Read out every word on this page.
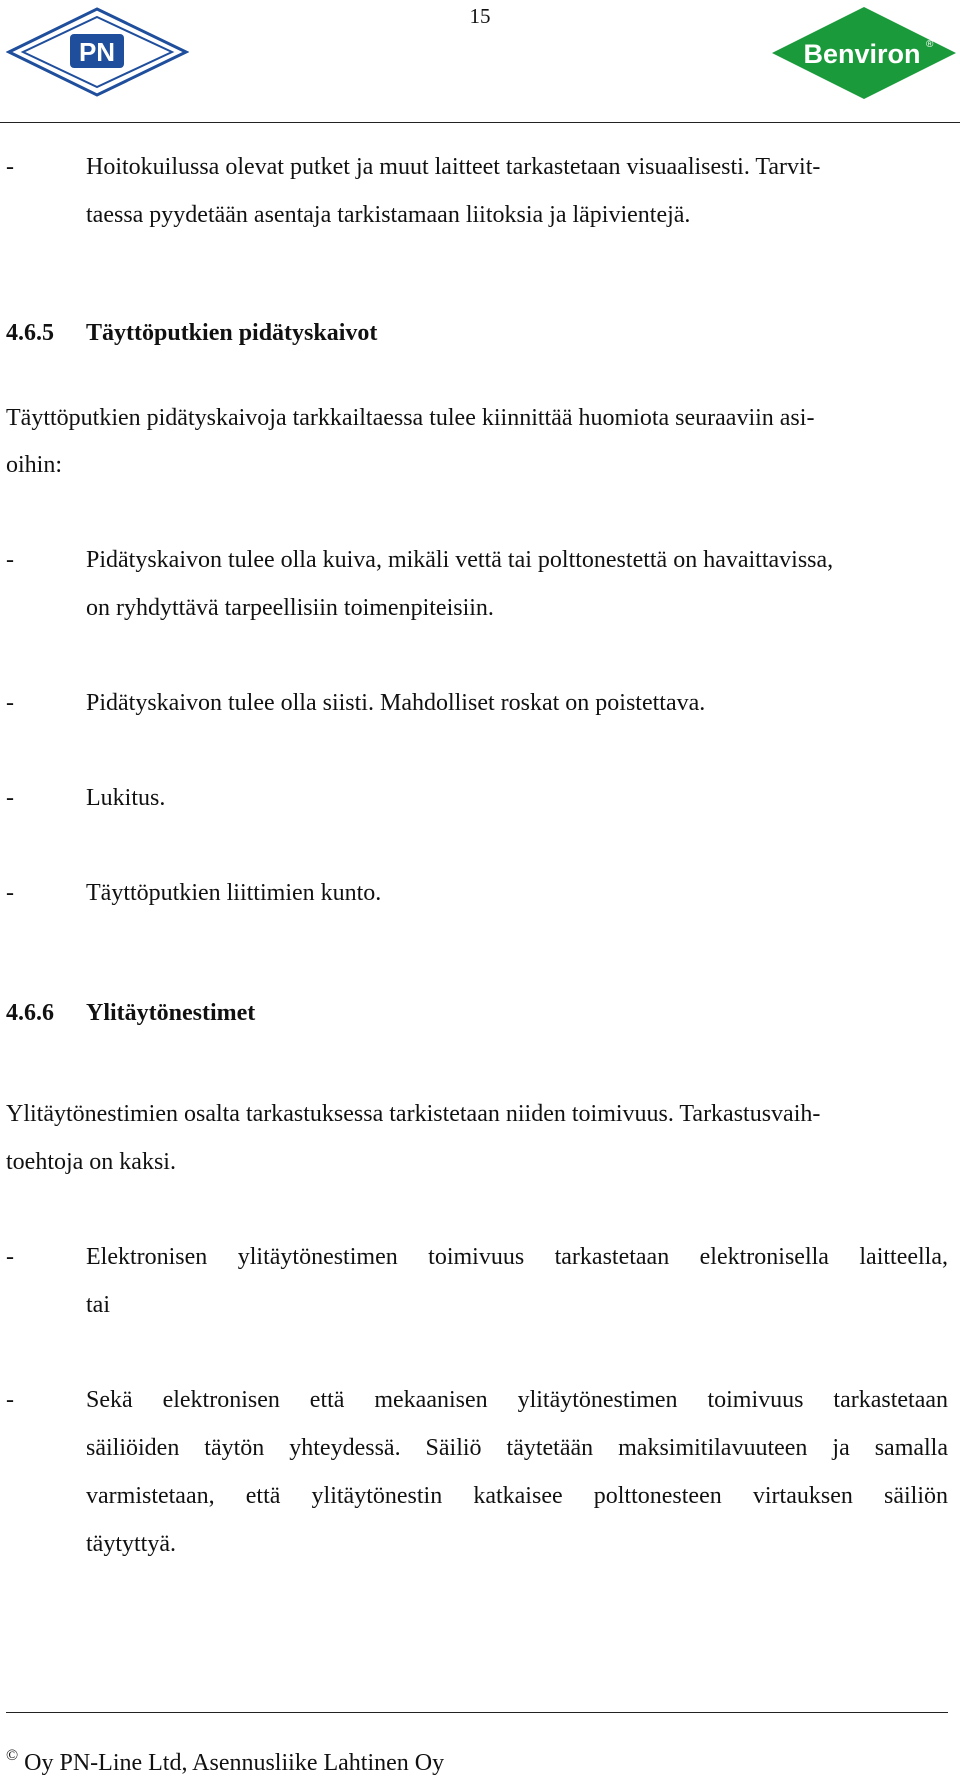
15
PN	Benviron ®
-	Hoitokuilussa olevat putket ja muut laitteet tarkastetaan visuaalisesti. Tarvit-
taessa pyydetään asentaja tarkistamaan liitoksia ja läpivientejä.
4.6.5 Täyttöputkien pidätyskaivot
Täyttöputkien pidätyskaivoja tarkkailtaessa tulee kiinnittää huomiota seuraaviin asi-
oihin:
-	Pidätyskaivon tulee olla kuiva, mikäli vettä tai polttonestettä on havaittavissa,
on ryhdyttävä tarpeellisiin toimenpiteisiin.
-	Pidätyskaivon tulee olla siisti. Mahdolliset roskat on poistettava.
-	Lukitus.
-	Täyttöputkien liittimien kunto.
4.6.6 Ylitäytönestimet
Ylitäytönestimien osalta tarkastuksessa tarkistetaan niiden toimivuus. Tarkastusvaih-
toehtoja on kaksi.
-	Elektronisen ylitäytönestimen toimivuus tarkastetaan elektronisella laitteella,
tai
-	Sekä elektronisen että mekaanisen ylitäytönestimen toimivuus tarkastetaan
säiliöiden täytön yhteydessä. Säiliö täytetään maksimitilavuuteen ja samalla
varmistetaan, että ylitäytönestin katkaisee polttonesteen virtauksen säiliön
täytyttyä.
© Oy PN-Line Ltd, Asennusliike Lahtinen Oy
